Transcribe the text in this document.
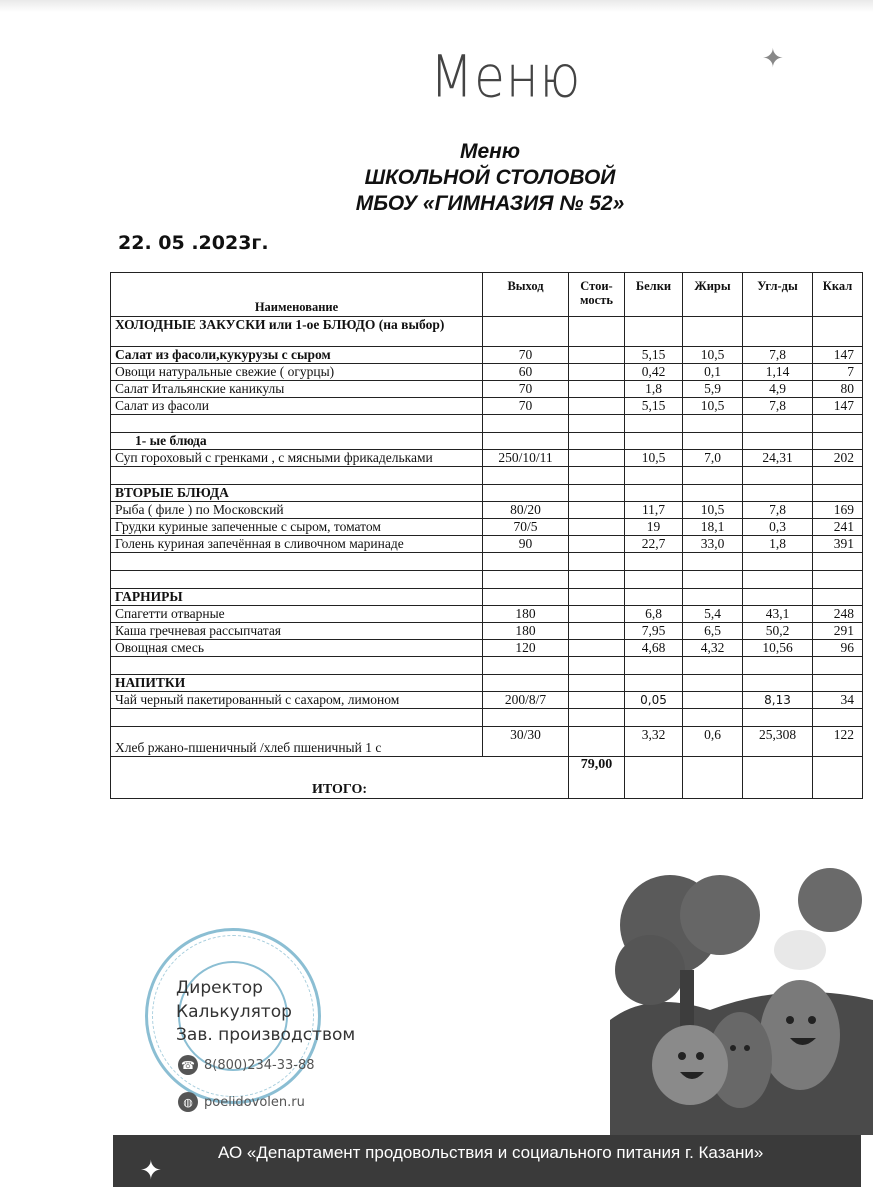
✦
✦
Меню
Меню
ШКОЛЬНОЙ СТОЛОВОЙ
МБОУ «ГИМНАЗИЯ № 52»
22. 05 .2023г.
Наименование	Выход	Стои-мость	Белки	Жиры	Угл-ды	Ккал
ХОЛОДНЫЕ ЗАКУСКИ или 1-ое БЛЮДО (на выбор)						
Салат из фасоли,кукурузы с сыром	70		5,15	10,5	7,8	147
Овощи натуральные свежие ( огурцы)	60		0,42	0,1	1,14	7
Салат Итальянские каникулы	70		1,8	5,9	4,9	80
Салат из фасоли	70		5,15	10,5	7,8	147

1- ые блюда						
Суп гороховый с гренками , с мясными фрикадельками	250/10/11		10,5	7,0	24,31	202

ВТОРЫЕ БЛЮДА						
Рыба ( филе ) по Московский	80/20		11,7	10,5	7,8	169
Грудки куриные запеченные с сыром, томатом	70/5		19	18,1	0,3	241
Голень куриная запечённая в сливочном маринаде	90		22,7	33,0	1,8	391

ГАРНИРЫ						
Спагетти отварные	180		6,8	5,4	43,1	248
Каша гречневая рассыпчатая	180		7,95	6,5	50,2	291
Овощная смесь	120		4,68	4,32	10,56	96

НАПИТКИ						
Чай черный пакетированный с сахаром, лимоном	200/8/7		0,05		8,13	34

Хлеб ржано-пшеничный /хлеб пшеничный 1 с	30/30		3,32	0,6	25,308	122
ИТОГО:		79,00				
Директор
Калькулятор
Зав. производством
☎ 8(800)234-33-88
◍ poelidovolen.ru
АО «Департамент продовольствия и социального питания г. Казани»
